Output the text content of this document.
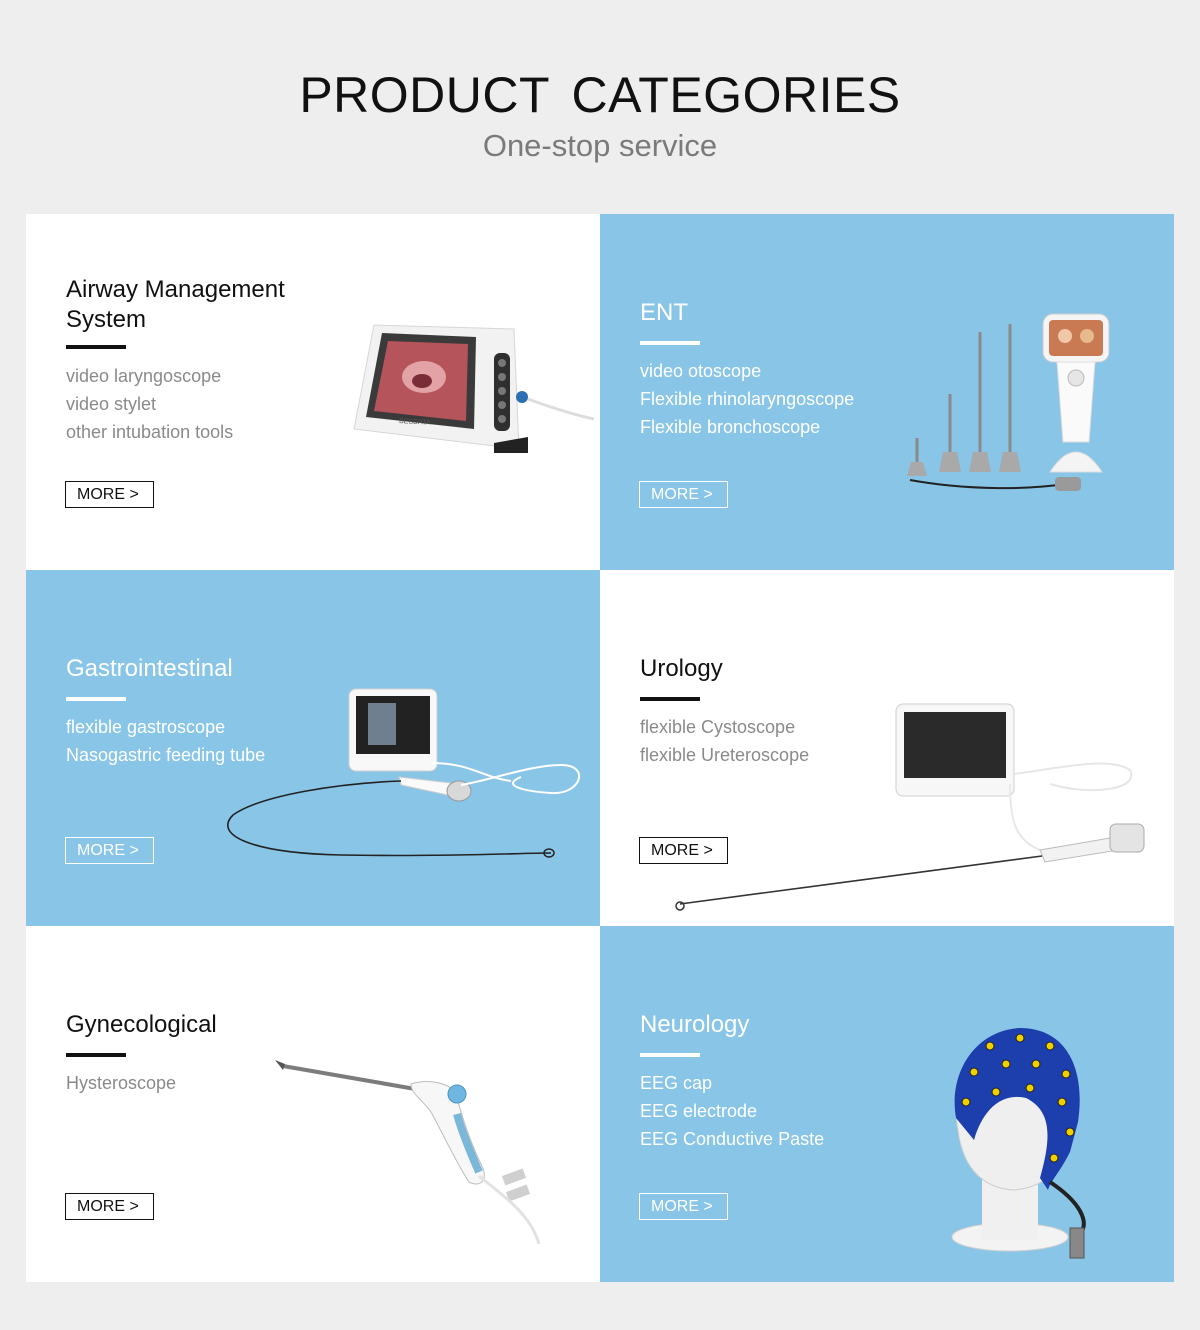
PRODUCT CATEGORIES
One-stop service
Airway Management
System
video laryngoscope
video stylet
other intubation tools
MORE >
BESDATA
ENT
video otoscope
Flexible rhinolaryngoscope
Flexible bronchoscope
MORE >
Gastrointestinal
flexible gastroscope
Nasogastric feeding tube
MORE >
Urology
flexible Cystoscope
flexible Ureteroscope
MORE >
Gynecological
Hysteroscope
MORE >
Neurology
EEG cap
EEG electrode
EEG Conductive Paste
MORE >
